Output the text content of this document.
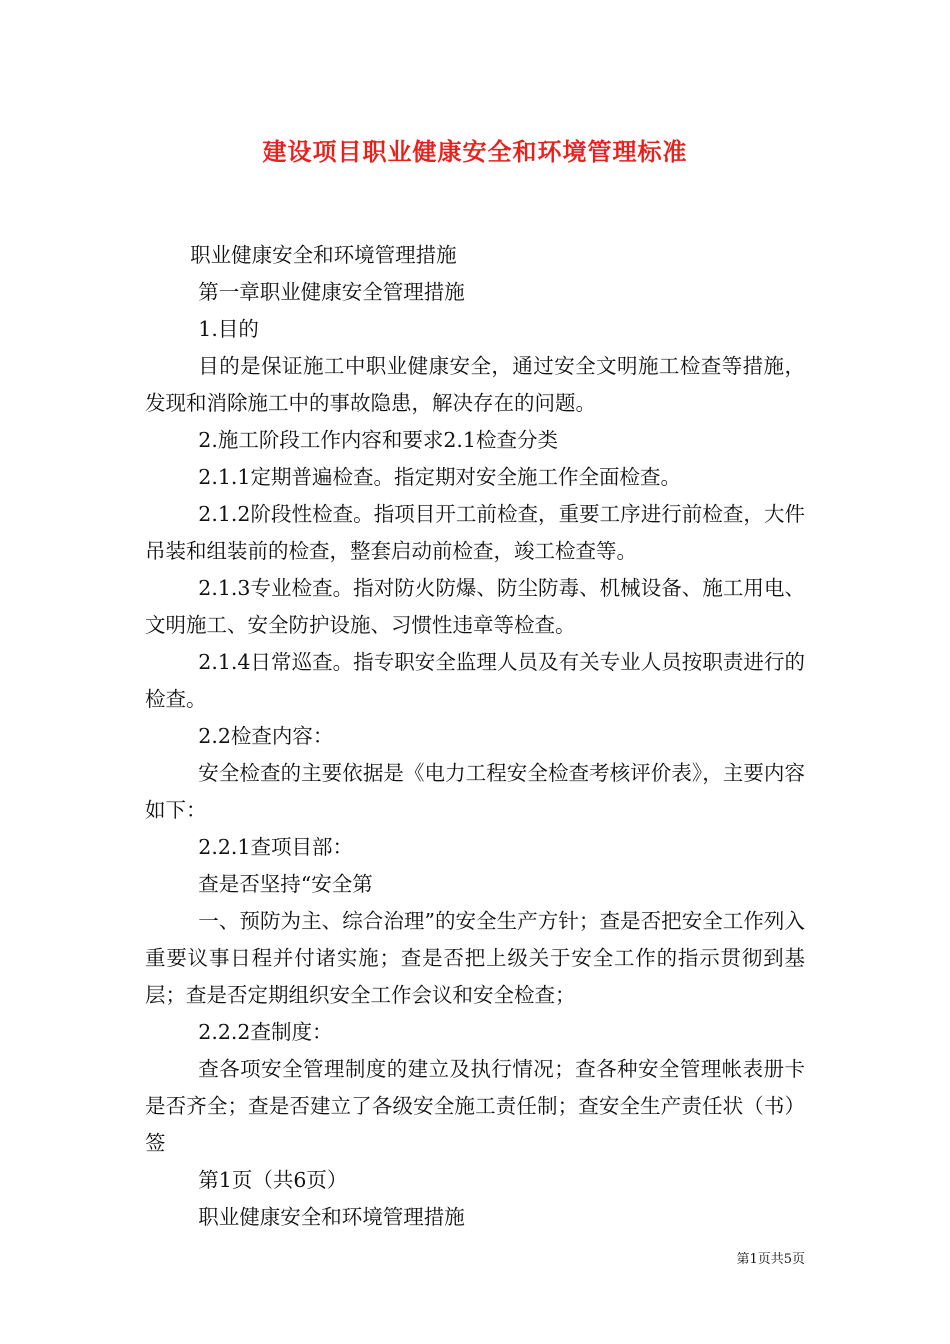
建设项目职业健康安全和环境管理标准

职业健康安全和环境管理措施

第一章职业健康安全管理措施

1.目的

目的是保证施工中职业健康安全，通过安全文明施工检查等措施，发现和消除施工中的事故隐患，解决存在的问题。

2.施工阶段工作内容和要求2.1检查分类

2.1.1定期普遍检查。指定期对安全施工作全面检查。

2.1.2阶段性检查。指项目开工前检查，重要工序进行前检查，大件吊装和组装前的检查，整套启动前检查，竣工检查等。

2.1.3专业检查。指对防火防爆、防尘防毒、机械设备、施工用电、文明施工、安全防护设施、习惯性违章等检查。

2.1.4日常巡查。指专职安全监理人员及有关专业人员按职责进行的检查。

2.2检查内容：

安全检查的主要依据是《电力工程安全检查考核评价表》，主要内容如下：

2.2.1查项目部：

查是否坚持“安全第

一、预防为主、综合治理”的安全生产方针；查是否把安全工作列入重要议事日程并付诸实施；查是否把上级关于安全工作的指示贯彻到基层；查是否定期组织安全工作会议和安全检查；

2.2.2查制度：

查各项安全管理制度的建立及执行情况；查各种安全管理帐表册卡是否齐全；查是否建立了各级安全施工责任制；查安全生产责任状（书）签

第1页（共6页）

职业健康安全和环境管理措施

第1页共5页
